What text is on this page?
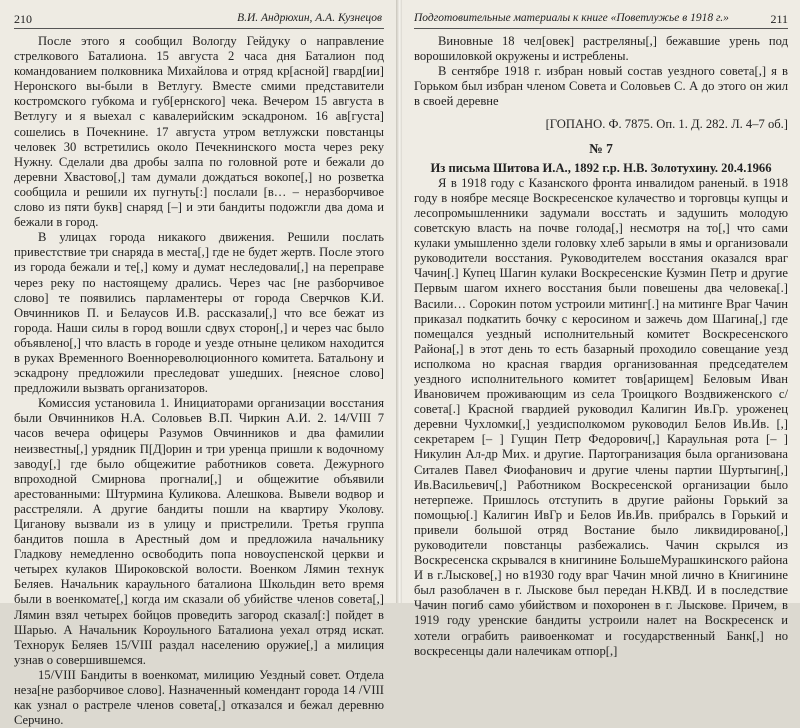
210	В.И. Андрюхин, А.А. Кузнецов

После этого я сообщил Вологду Гейдуку о направление стрелкового Баталиона. 15 августа 2 часа дня Баталион под командованием полковника Михайлова и отряд кр[асной] гвард[ии] Неронского вы-были в Ветлугу. Вместе смими представители костромского губкома и губ[ернского] чека. Вечером 15 августа в Ветлугу и я выехал с кавалерийским эскадроном. 16 ав[густа] сошелись в Почекнине. 17 августа утром ветлужски повстанцы человек 30 встретились около Печекнинского моста через реку Нужну. Сделали два дробы залпа по головной роте и бежали до деревни Хвастово[,] там думали дождаться вокопе[,] но розветка сообщила и решили их пугнуть[:] послали [в… – неразборчивое слово из пяти букв] снаряд [–] и эти бандиты подожгли два дома и бежали в город.

В улицах города никакого движения. Решили послать привестствие три снаряда в места[,] где не будет жертв. После этого из города бежали и те[,] кому и думат неследовали[,] на переправе через реку по настоящему дрались. Через час [не разборчивое слово] те появились парламентеры от города Сверчков К.И. Овчинников П. и Белаусов И.В. рассказали[,] что все бежат из города. Наши силы в город вошли сдвух сторон[,] и через час было объявлено[,] что власть в городе и уезде отныне целиком находится в руках Временного Военнореволюционного комитета. Батальону и эскадрону предложили преследоват ушедших. [неясное слово] предложили вызвать организаторов.

Комиссия установила 1. Инициаторами организации восстания были Овчинников Н.А. Соловьев В.П. Чиркин А.И. 2. 14/VIII 7 часов вечера офицеры Разумов Овчинников и два фамилии неизвестны[,] урядник П[Д]орин и три уренца пришли к водочному заводу[,] где было общежитие работников совета. Дежурного впроходной Смирнова прогнали[,] и общежитие объявили арестованными: Штурмина Куликова. Алешкова. Вывели водвор и расстреляли. А другие бандиты пошли на квартиру Уколову. Циганову вызвали из в улицу и пристрелили. Третья группа бандитов пошла в Арестный дом и предложила начальнику Гладкову немедленно освободить попа новоуспенской церкви и четырех кулаков Широковской волости. Военком Лямин технук Беляев. Начальник караульного баталиона Школьдин вето время были в военкомате[,] когда им сказали об убийстве членов совета[,] Лямин взял четырех бойцов проведить загород сказал[:] пойдет в Шарью. А Начальник Короульного Баталиона уехал отряд искат. Технорук Беляев 15/VIII раздал населению оружие[,] а милиция узнав о совершившемся.

15/VIII Бандиты в военкомат, милицию Уездный совет. Отдела неза[не разборчивое слово]. Назначенный комендант города 14 /VIII как узнал о растреле членов совета[,] отказался и бежал деревню Серчино.

Подготовительные материалы к книге «Поветлужье в 1918 г.»	211

Виновные 18 чел[овек] растреляны[,] бежавшие урень под ворошиловкой окружены и истреблены.

В сентябре 1918 г. избран новый состав уездного совета[,] я в Горьком был избран членом Совета и Соловьев С. А до этого он жил в своей деревне

[ГОПАНО. Ф. 7875. Оп. 1. Д. 282. Л. 4–7 об.]

№ 7

Из письма Шитова И.А., 1892 г.р. Н.В. Золотухину. 20.4.1966

Я в 1918 году с Казанского фронта инвалидом раненый. в 1918 году в ноябре месяце Воскресенское кулачество и торговцы купцы и лесопромышленники задумали восстать и задушить молодую советскую власть на почве голода[,] несмотря на то[,] что сами кулаки умышленно здели головку хлеб зарыли в ямы и организовали руководители восстания. Руководителем восстания оказался враг Чачин[.] Купец Шагин кулаки Воскресенские Кузмин Петр и другие Первым шагом ихнего восстания были повешены два человека[.] Васили… Сорокин потом устроили митинг[.] на митинге Враг Чачин приказал подкатить бочку с керосином и зажечь дом Шагина[,] где помещался уездный исполнительный комитет Воскресенского Района[,] в этот день то есть базарный проходило совещание уезд исполкома но красная гвардия организованная председателем уездного исполнительного комитет тов[арищем] Беловым Иван Ивановичем проживающим из села Троицкого Воздвиженского с/совета[.] Красной гвардией руководил Калигин Ив.Гр. уроженец деревни Чухломки[,] уездисполкомом руководил Белов Ив.Ив. [,] секретарем [– ] Гущин Петр Федорович[,] Караульная рота [– ] Никулин Ал-др Мих. и другие. Партогранизация была организована Ситалев Павел Фиофанович и другие члены партии Шуртыгин[,] Ив.Васильевич[,] Работником Воскресенской организации было нетерпеже. Пришлось отступить в другие районы Горький за помощью[.] Калигин ИвГр и Белов Ив.Ив. прибралсь в Горький и привели большой отряд Востание было ликвидировано[,] руководители повстанцы разбежались. Чачин скрылся из Воскресенска скрывался в книгинине БольшеМурашкинского района И в г.Лыскове[,] но в1930 году враг Чачин мной лично в Книгинине был разоблачен в г. Лыскове был передан Н.КВД. И в последствие Чачин погиб само убийством и похоронен в г. Лыскове. Причем, в 1919 году уренские бандиты устроили налет на Воскресенск и хотели ограбить раивоенкомат и государственный Банк[,] но воскресенцы дали налечикам отпор[,]
